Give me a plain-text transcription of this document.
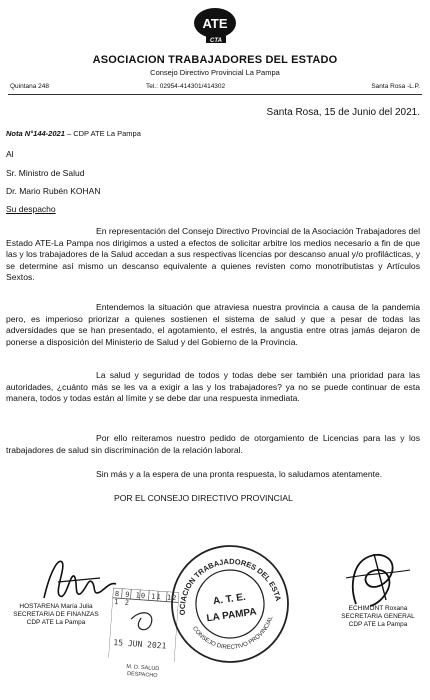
ATE
CTA
ASOCIACION TRABAJADORES DEL ESTADO
Consejo Directivo Provincial La Pampa
Quintana 248	Tel.: 02954-414301/414302	Santa Rosa -L.P.
Santa Rosa, 15 de Junio del 2021.
Nota N°144-2021 – CDP ATE La Pampa
Al
Sr. Ministro de Salud
Dr. Mario Rubén KOHAN
Su despacho
En representación del Consejo Directivo Provincial de la Asociación Trabajadores del Estado ATE-La Pampa nos dirigimos a usted a efectos de solicitar arbitre los medios necesario a fin de que las y los trabajadores de la Salud accedan a sus respectivas licencias por descanso anual y/o profilácticas, y se determine así mismo un descanso equivalente a quienes revisten como monotributistas y Artículos Sextos.
Entendemos la situación que atraviesa nuestra provincia a causa de la pandemia pero, es imperioso priorizar a quienes sostienen el sistema de salud y que a pesar de todas las adversidades que se han presentado, el agotamiento, el estrés, la angustia entre otras jamás dejaron de ponerse a disposición del Ministerio de Salud y del Gobierno de la Provincia.
La salud y seguridad de todos y todas debe ser también una prioridad para las autoridades, ¿cuánto más se les va a exigir a las y los trabajadores? ya no se puede continuar de esta manera, todos y todas están al límite y se debe dar una respuesta inmediata.
Por ello reiteramos nuestro pedido de otorgamiento de Licencias para las y los trabajadores de salud sin discriminación de la relación laboral.
Sin más y a la espera de una pronta respuesta, lo saludamos atentamente.
POR EL CONSEJO DIRECTIVO PROVINCIAL
HOSTARENA María Julia
SECRETARIA DE FINANZAS
CDP ATE La Pampa
8 9 10 11 12 1 2
15 JUN 2021
M. D. SALUD
DESPACHO
ASOCIACION TRABAJADORES DEL ESTADO
CONSEJO DIRECTIVO PROVINCIAL
A. T. E.
LA PAMPA	ECHIMONT Roxana
SECRETARIA GENERAL
CDP ATE La Pampa
